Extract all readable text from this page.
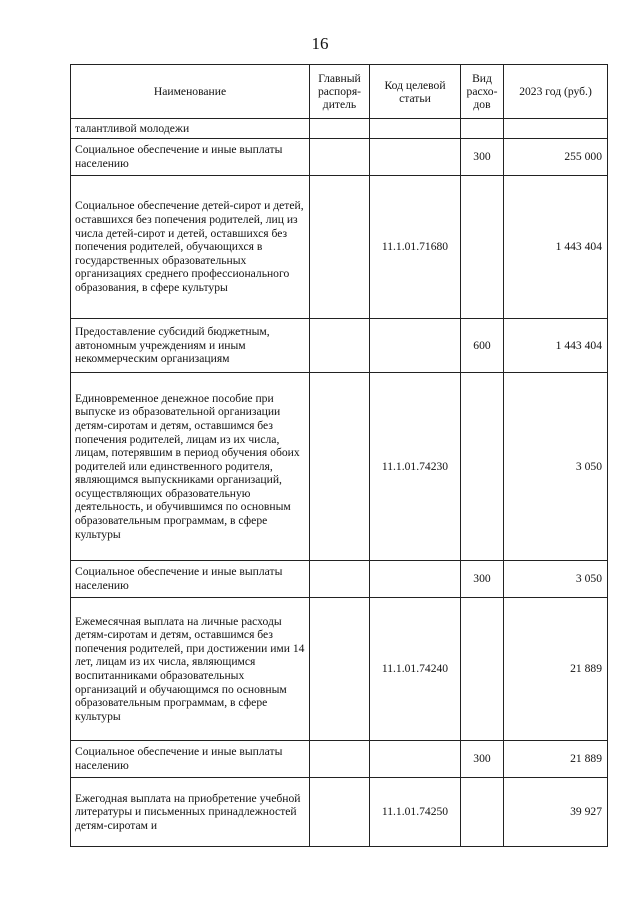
16
Наименование	Главный распоря-дитель	Код целевой статьи	Вид расхо-дов	2023 год (руб.)
талантливой молодежи				
Социальное обеспечение и иные выплаты населению			300	255 000
Социальное обеспечение детей-сирот и детей, оставшихся без попечения родителей, лиц из числа детей-сирот и детей, оставшихся без попечения родителей, обучающихся в государственных образовательных организациях среднего профессионального образования, в сфере культуры		11.1.01.71680		1 443 404
Предоставление субсидий бюджетным, автономным учреждениям и иным некоммерческим организациям			600	1 443 404
Единовременное денежное пособие при выпуске из образовательной организации детям-сиротам и детям, оставшимся без попечения родителей, лицам из их числа, лицам, потерявшим в период обучения обоих родителей или единственного родителя, являющимся выпускниками организаций, осуществляющих образовательную деятельность, и обучившимся по основным образовательным программам, в сфере культуры		11.1.01.74230		3 050
Социальное обеспечение и иные выплаты населению			300	3 050
Ежемесячная выплата на личные расходы детям-сиротам и детям, оставшимся без попечения родителей, при достижении ими 14 лет, лицам из их числа, являющимся воспитанниками образовательных организаций и обучающимся по основным образовательным программам, в сфере культуры		11.1.01.74240		21 889
Социальное обеспечение и иные выплаты населению			300	21 889
Ежегодная выплата на приобретение учебной литературы и письменных принадлежностей детям-сиротам и		11.1.01.74250		39 927
